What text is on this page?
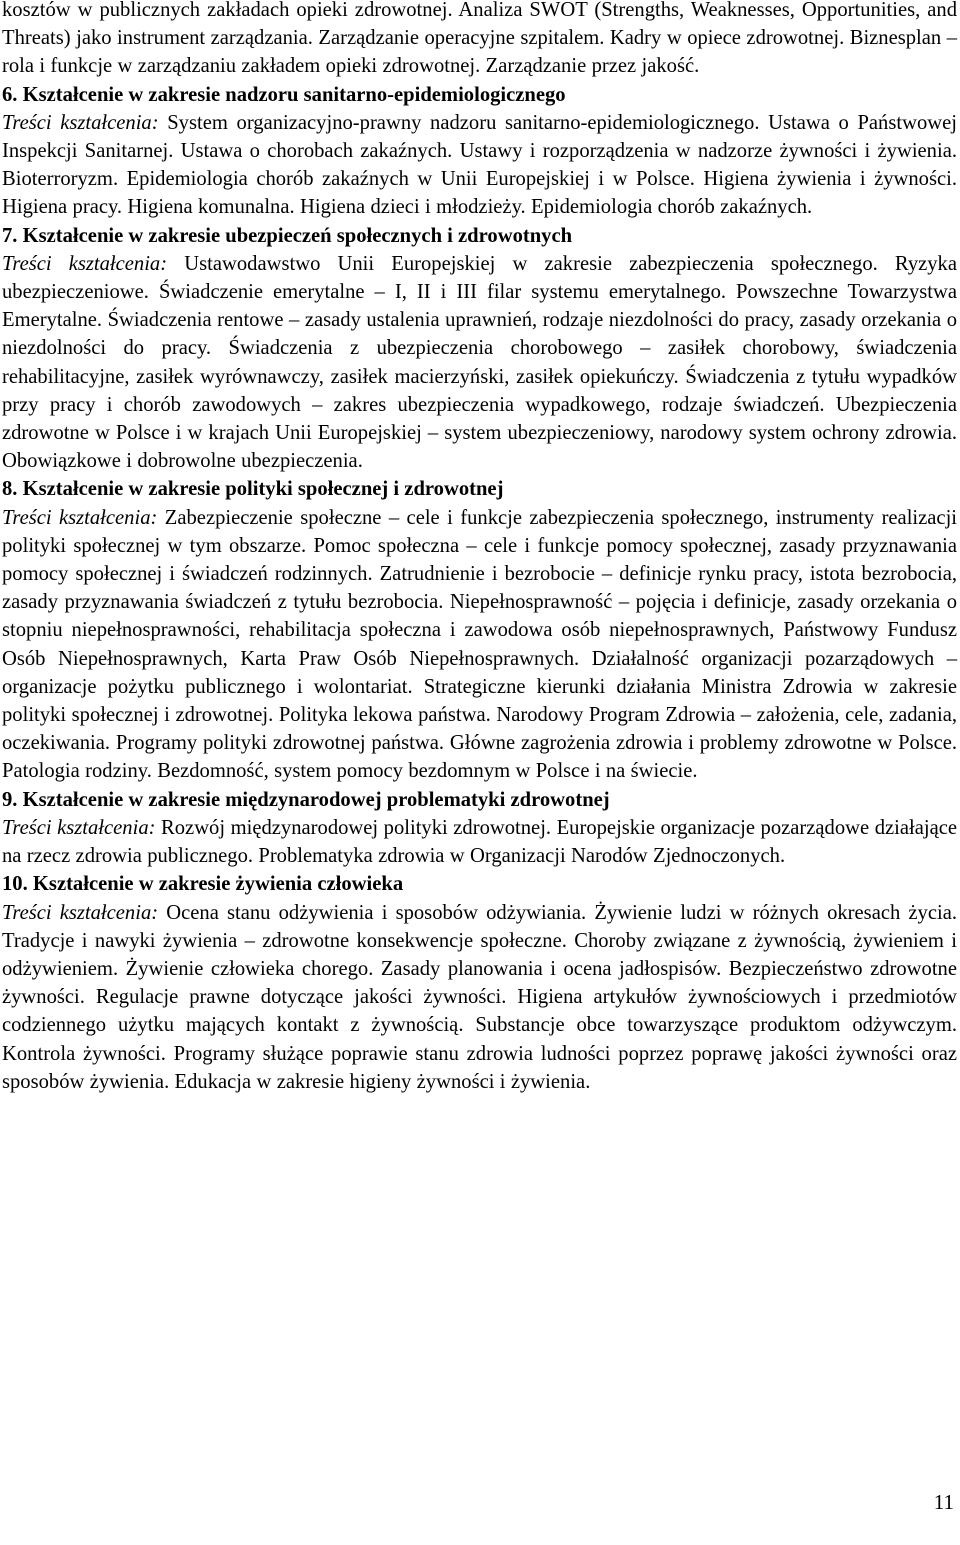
kosztów w publicznych zakładach opieki zdrowotnej. Analiza SWOT (Strengths, Weaknesses, Opportunities, and Threats) jako instrument zarządzania. Zarządzanie operacyjne szpitalem. Kadry w opiece zdrowotnej. Biznesplan – rola i funkcje w zarządzaniu zakładem opieki zdrowotnej. Zarządzanie przez jakość.

6. Kształcenie w zakresie nadzoru sanitarno-epidemiologicznego

Treści kształcenia: System organizacyjno-prawny nadzoru sanitarno-epidemiologicznego. Ustawa o Państwowej Inspekcji Sanitarnej. Ustawa o chorobach zakaźnych. Ustawy i rozporządzenia w nadzorze żywności i żywienia. Bioterroryzm. Epidemiologia chorób zakaźnych w Unii Europejskiej i w Polsce. Higiena żywienia i żywności. Higiena pracy. Higiena komunalna. Higiena dzieci i młodzieży. Epidemiologia chorób zakaźnych.

7. Kształcenie w zakresie ubezpieczeń społecznych i zdrowotnych

Treści kształcenia: Ustawodawstwo Unii Europejskiej w zakresie zabezpieczenia społecznego. Ryzyka ubezpieczeniowe. Świadczenie emerytalne – I, II i III filar systemu emerytalnego. Powszechne Towarzystwa Emerytalne. Świadczenia rentowe – zasady ustalenia uprawnień, rodzaje niezdolności do pracy, zasady orzekania o niezdolności do pracy. Świadczenia z ubezpieczenia chorobowego – zasiłek chorobowy, świadczenia rehabilitacyjne, zasiłek wyrównawczy, zasiłek macierzyński, zasiłek opiekuńczy. Świadczenia z tytułu wypadków przy pracy i chorób zawodowych – zakres ubezpieczenia wypadkowego, rodzaje świadczeń. Ubezpieczenia zdrowotne w Polsce i w krajach Unii Europejskiej – system ubezpieczeniowy, narodowy system ochrony zdrowia. Obowiązkowe i dobrowolne ubezpieczenia.

8. Kształcenie w zakresie polityki społecznej i zdrowotnej

Treści kształcenia: Zabezpieczenie społeczne – cele i funkcje zabezpieczenia społecznego, instrumenty realizacji polityki społecznej w tym obszarze. Pomoc społeczna – cele i funkcje pomocy społecznej, zasady przyznawania pomocy społecznej i świadczeń rodzinnych. Zatrudnienie i bezrobocie – definicje rynku pracy, istota bezrobocia, zasady przyznawania świadczeń z tytułu bezrobocia. Niepełnosprawność – pojęcia i definicje, zasady orzekania o stopniu niepełnosprawności, rehabilitacja społeczna i zawodowa osób niepełnosprawnych, Państwowy Fundusz Osób Niepełnosprawnych, Karta Praw Osób Niepełnosprawnych. Działalność organizacji pozarządowych – organizacje pożytku publicznego i wolontariat. Strategiczne kierunki działania Ministra Zdrowia w zakresie polityki społecznej i zdrowotnej. Polityka lekowa państwa. Narodowy Program Zdrowia – założenia, cele, zadania, oczekiwania. Programy polityki zdrowotnej państwa. Główne zagrożenia zdrowia i problemy zdrowotne w Polsce. Patologia rodziny. Bezdomność, system pomocy bezdomnym w Polsce i na świecie.

9. Kształcenie w zakresie międzynarodowej problematyki zdrowotnej

Treści kształcenia: Rozwój międzynarodowej polityki zdrowotnej. Europejskie organizacje pozarządowe działające na rzecz zdrowia publicznego. Problematyka zdrowia w Organizacji Narodów Zjednoczonych.

10. Kształcenie w zakresie żywienia człowieka

Treści kształcenia: Ocena stanu odżywienia i sposobów odżywiania. Żywienie ludzi w różnych okresach życia. Tradycje i nawyki żywienia – zdrowotne konsekwencje społeczne. Choroby związane z żywnością, żywieniem i odżywieniem. Żywienie człowieka chorego. Zasady planowania i ocena jadłospisów. Bezpieczeństwo zdrowotne żywności. Regulacje prawne dotyczące jakości żywności. Higiena artykułów żywnościowych i przedmiotów codziennego użytku mających kontakt z żywnością. Substancje obce towarzyszące produktom odżywczym. Kontrola żywności. Programy służące poprawie stanu zdrowia ludności poprzez poprawę jakości żywności oraz sposobów żywienia. Edukacja w zakresie higieny żywności i żywienia.

11
